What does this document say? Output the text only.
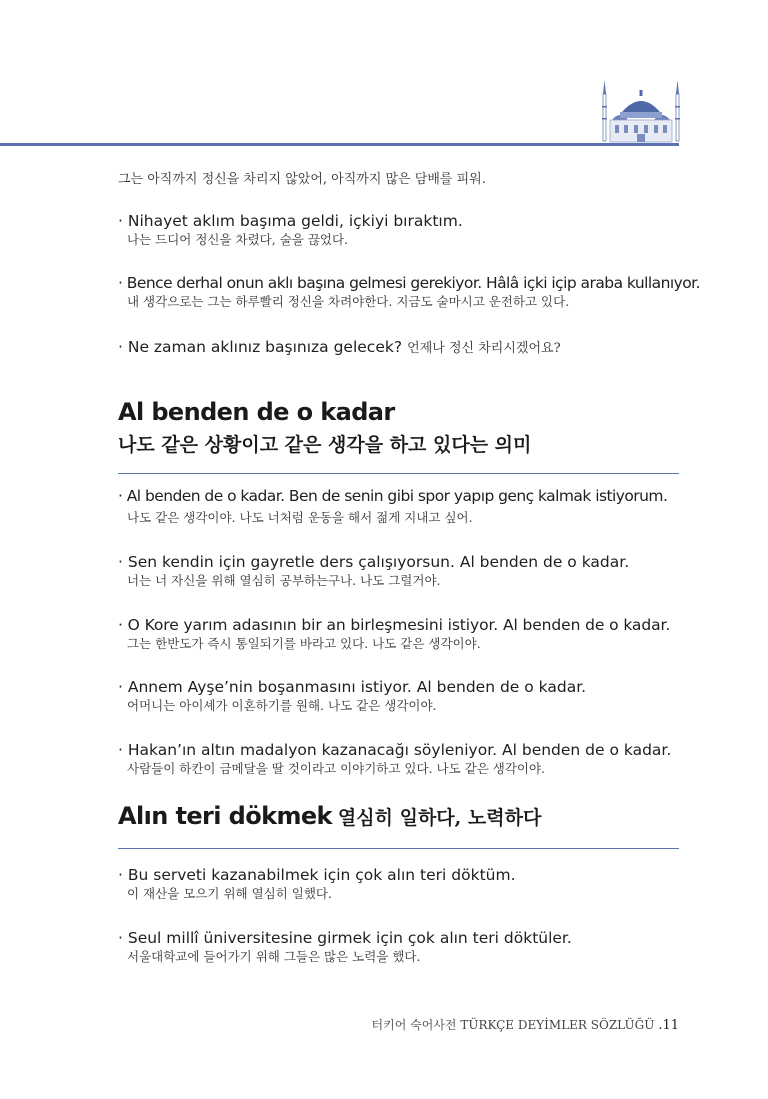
그는 아직까지 정신을 차리지 않았어, 아직까지 많은 담배를 피워.
· Nihayet aklım başıma geldi, içkiyi bıraktım.
나는 드디어 정신을 차렸다, 술을 끊었다.
· Bence derhal onun aklı başına gelmesi gerekiyor. Hâlâ içki içip araba kullanıyor.
내 생각으로는 그는 하루빨리 정신을 차려야한다. 지금도 술마시고 운전하고 있다.
· Ne zaman aklınız başınıza gelecek? 언제나 정신 차리시겠어요?
Al benden de o kadar
나도 같은 상황이고 같은 생각을 하고 있다는 의미
· Al benden de o kadar. Ben de senin gibi spor yapıp genç kalmak istiyorum.
나도 같은 생각이야. 나도 너처럼 운동을 해서 젊게 지내고 싶어.
· Sen kendin için gayretle ders çalışıyorsun. Al benden de o kadar.
너는 너 자신을 위해 열심히 공부하는구나. 나도 그럴거야.
· O Kore yarım adasının bir an birleşmesini istiyor. Al benden de o kadar.
그는 한반도가 즉시 통일되기를 바라고 있다. 나도 같은 생각이야.
· Annem Ayşe’nin boşanmasını istiyor. Al benden de o kadar.
어머니는 아이셰가 이혼하기를 원해. 나도 같은 생각이야.
· Hakan’ın altın madalyon kazanacağı söyleniyor. Al benden de o kadar.
사람들이 하칸이 금메달을 딸 것이라고 이야기하고 있다. 나도 같은 생각이야.
Alın teri dökmek 열심히 일하다, 노력하다
· Bu serveti kazanabilmek için çok alın teri döktüm.
이 재산을 모으기 위해 열심히 일했다.
· Seul millî üniversitesine girmek için çok alın teri döktüler.
서울대학교에 들어가기 위해 그들은 많은 노력을 했다.
터키어 숙어사전 TÜRKÇE DEYİMLER SÖZLÜĞÜ .11
